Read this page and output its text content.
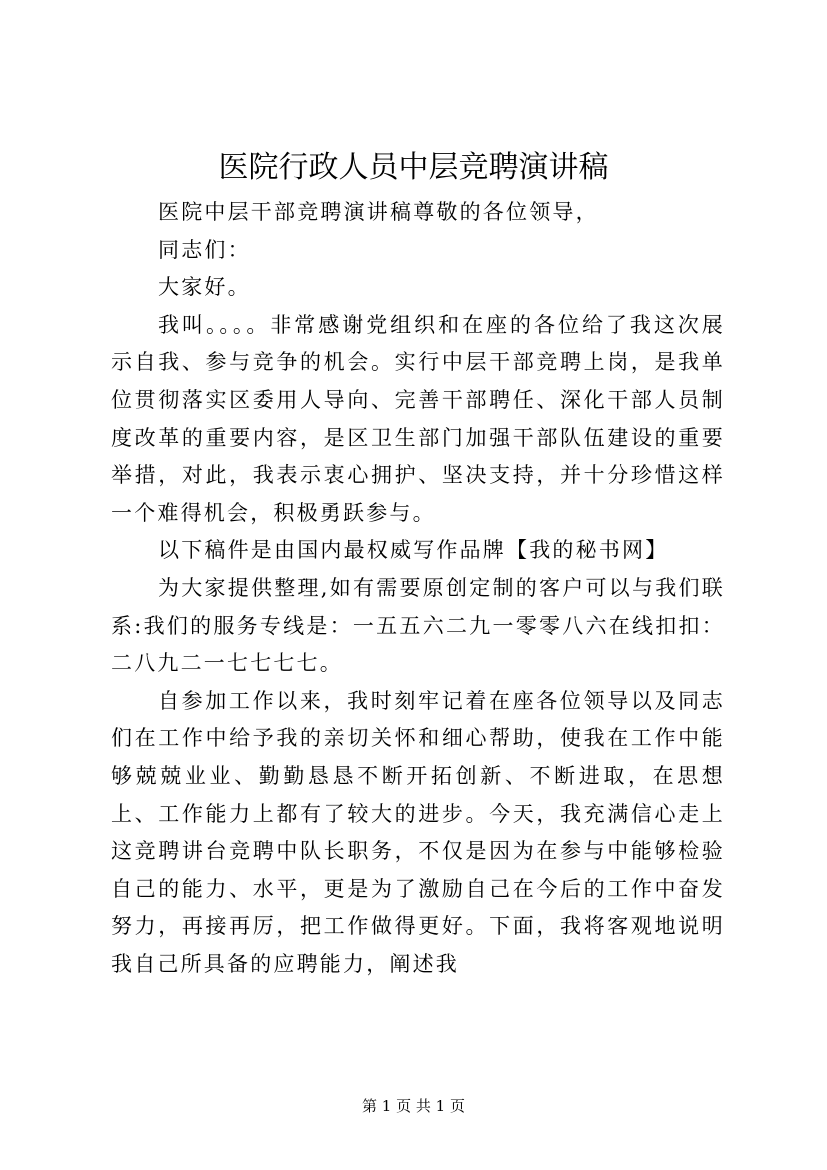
医院行政人员中层竞聘演讲稿

医院中层干部竞聘演讲稿尊敬的各位领导，

同志们：

大家好。

我叫。。。。非常感谢党组织和在座的各位给了我这次展示自我、参与竞争的机会。实行中层干部竞聘上岗，是我单位贯彻落实区委用人导向、完善干部聘任、深化干部人员制度改革的重要内容，是区卫生部门加强干部队伍建设的重要举措，对此，我表示衷心拥护、坚决支持，并十分珍惜这样一个难得机会，积极勇跃参与。

以下稿件是由国内最权威写作品牌【我的秘书网】

为大家提供整理,如有需要原创定制的客户可以与我们联系:我们的服务专线是：一五五六二九一零零八六在线扣扣：二八九二一七七七七。

自参加工作以来，我时刻牢记着在座各位领导以及同志们在工作中给予我的亲切关怀和细心帮助，使我在工作中能够兢兢业业、勤勤恳恳不断开拓创新、不断进取，在思想上、工作能力上都有了较大的进步。今天，我充满信心走上这竞聘讲台竞聘中队长职务，不仅是因为在参与中能够检验自己的能力、水平，更是为了激励自己在今后的工作中奋发努力，再接再厉，把工作做得更好。下面，我将客观地说明我自己所具备的应聘能力，阐述我

第 1 页 共 1 页
